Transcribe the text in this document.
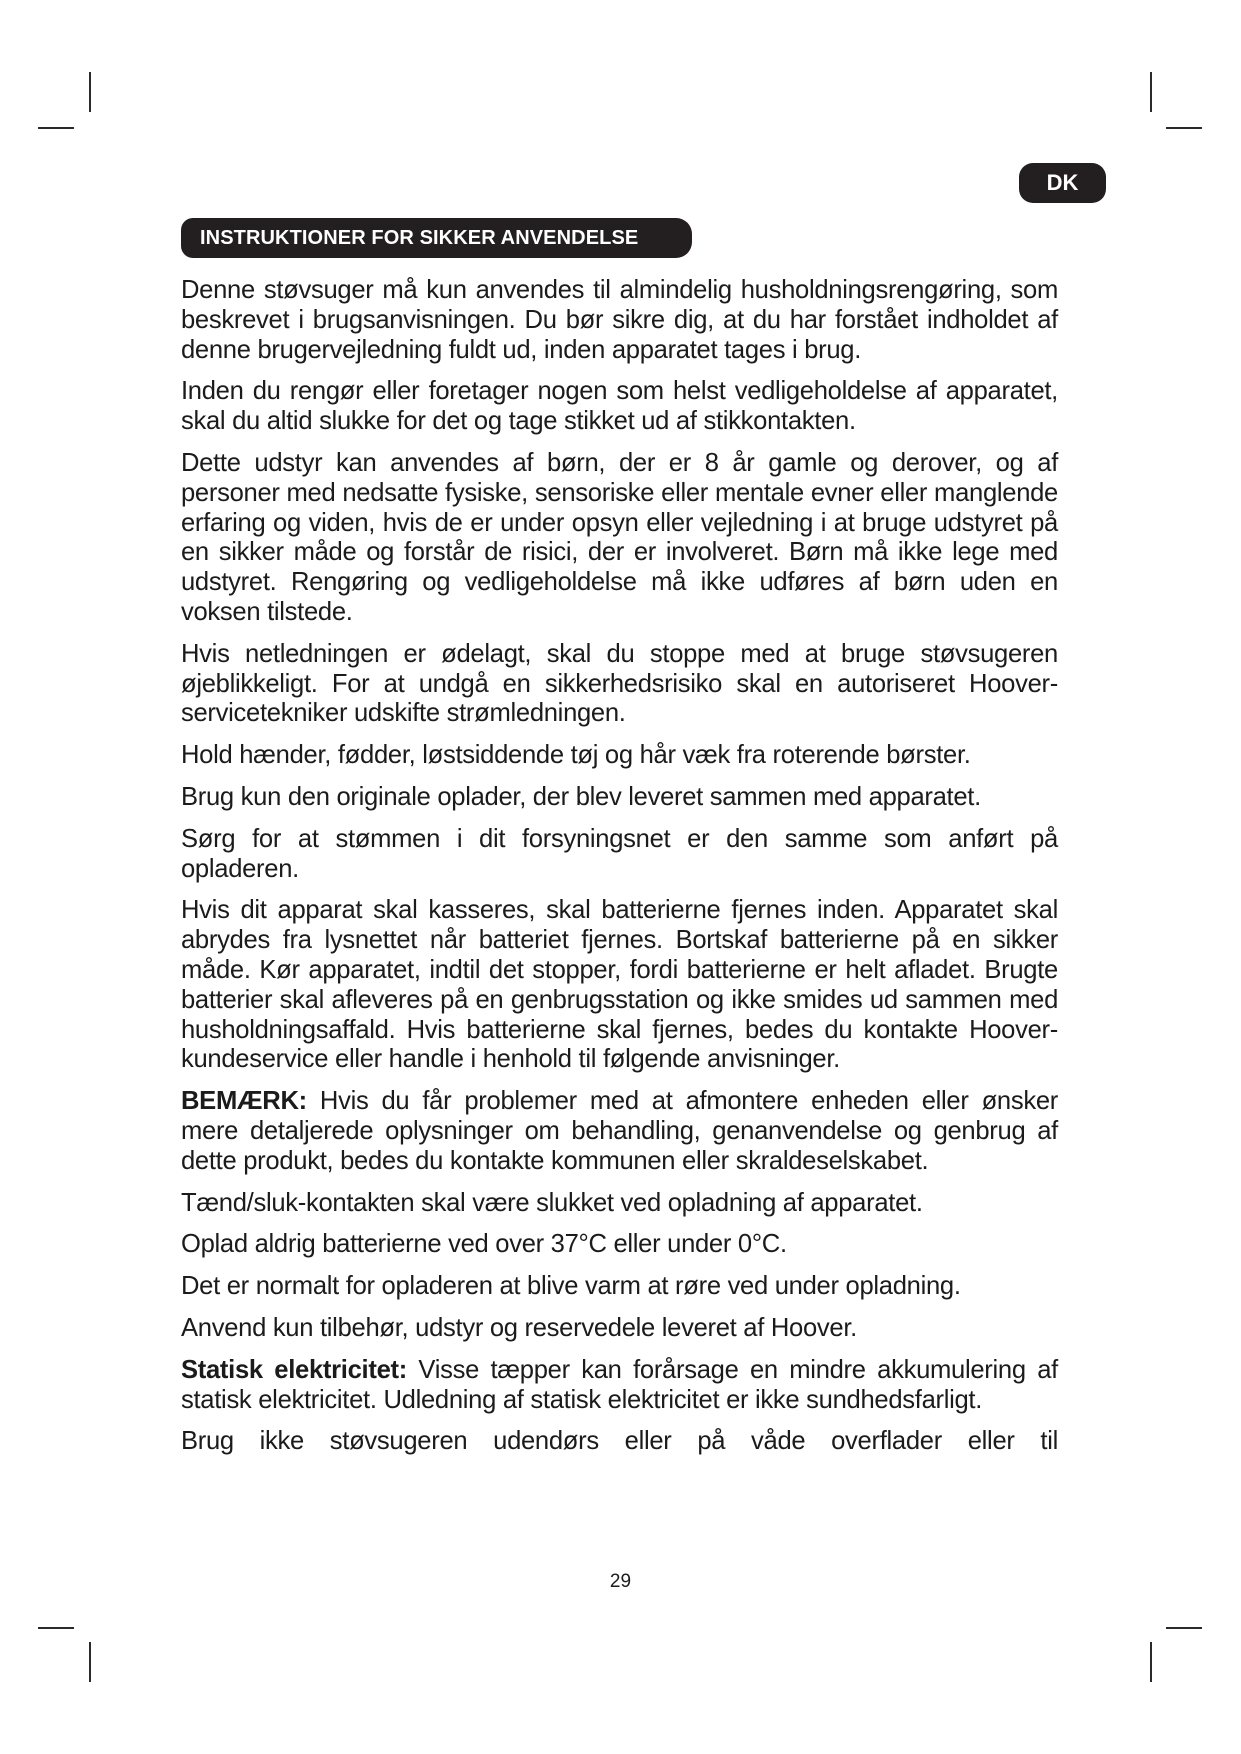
DK
INSTRUKTIONER FOR SIKKER ANVENDELSE

Denne støvsuger må kun anvendes til almindelig husholdningsrengøring, som beskrevet i brugsanvisningen. Du bør sikre dig, at du har forstået indholdet af denne brugervejledning fuldt ud, inden apparatet tages i brug.

Inden du rengør eller foretager nogen som helst vedligeholdelse af apparatet, skal du altid slukke for det og tage stikket ud af stikkontakten.

Dette udstyr kan anvendes af børn, der er 8 år gamle og derover, og af personer med nedsatte fysiske, sensoriske eller mentale evner eller manglende erfaring og viden, hvis de er under opsyn eller vejledning i at bruge udstyret på en sikker måde og forstår de risici, der er involveret. Børn må ikke lege med udstyret. Rengøring og vedligeholdelse må ikke udføres af børn uden en voksen tilstede.

Hvis netledningen er ødelagt, skal du stoppe med at bruge støvsugeren øjeblikkeligt. For at undgå en sikkerhedsrisiko skal en autoriseret Hoover-servicetekniker udskifte strømledningen.

Hold hænder, fødder, løstsiddende tøj og hår væk fra roterende børster.

Brug kun den originale oplader, der blev leveret sammen med apparatet.

Sørg for at stømmen i dit forsyningsnet er den samme som anført på opladeren.

Hvis dit apparat skal kasseres, skal batterierne fjernes inden. Apparatet skal abrydes fra lysnettet når batteriet fjernes. Bortskaf batterierne på en sikker måde. Kør apparatet, indtil det stopper, fordi batterierne er helt afladet. Brugte batterier skal afleveres på en genbrugsstation og ikke smides ud sammen med husholdningsaffald. Hvis batterierne skal fjernes, bedes du kontakte Hoover-kundeservice eller handle i henhold til følgende anvisninger.

BEMÆRK: Hvis du får problemer med at afmontere enheden eller ønsker mere detaljerede oplysninger om behandling, genanvendelse og genbrug af dette produkt, bedes du kontakte kommunen eller skraldeselskabet.

Tænd/sluk-kontakten skal være slukket ved opladning af apparatet.

Oplad aldrig batterierne ved over 37°C eller under 0°C.

Det er normalt for opladeren at blive varm at røre ved under opladning.

Anvend kun tilbehør, udstyr og reservedele leveret af Hoover.

Statisk elektricitet: Visse tæpper kan forårsage en mindre akkumulering af statisk elektricitet. Udledning af statisk elektricitet er ikke sundhedsfarligt.

Brug ikke støvsugeren udendørs eller på våde overflader eller til

29
